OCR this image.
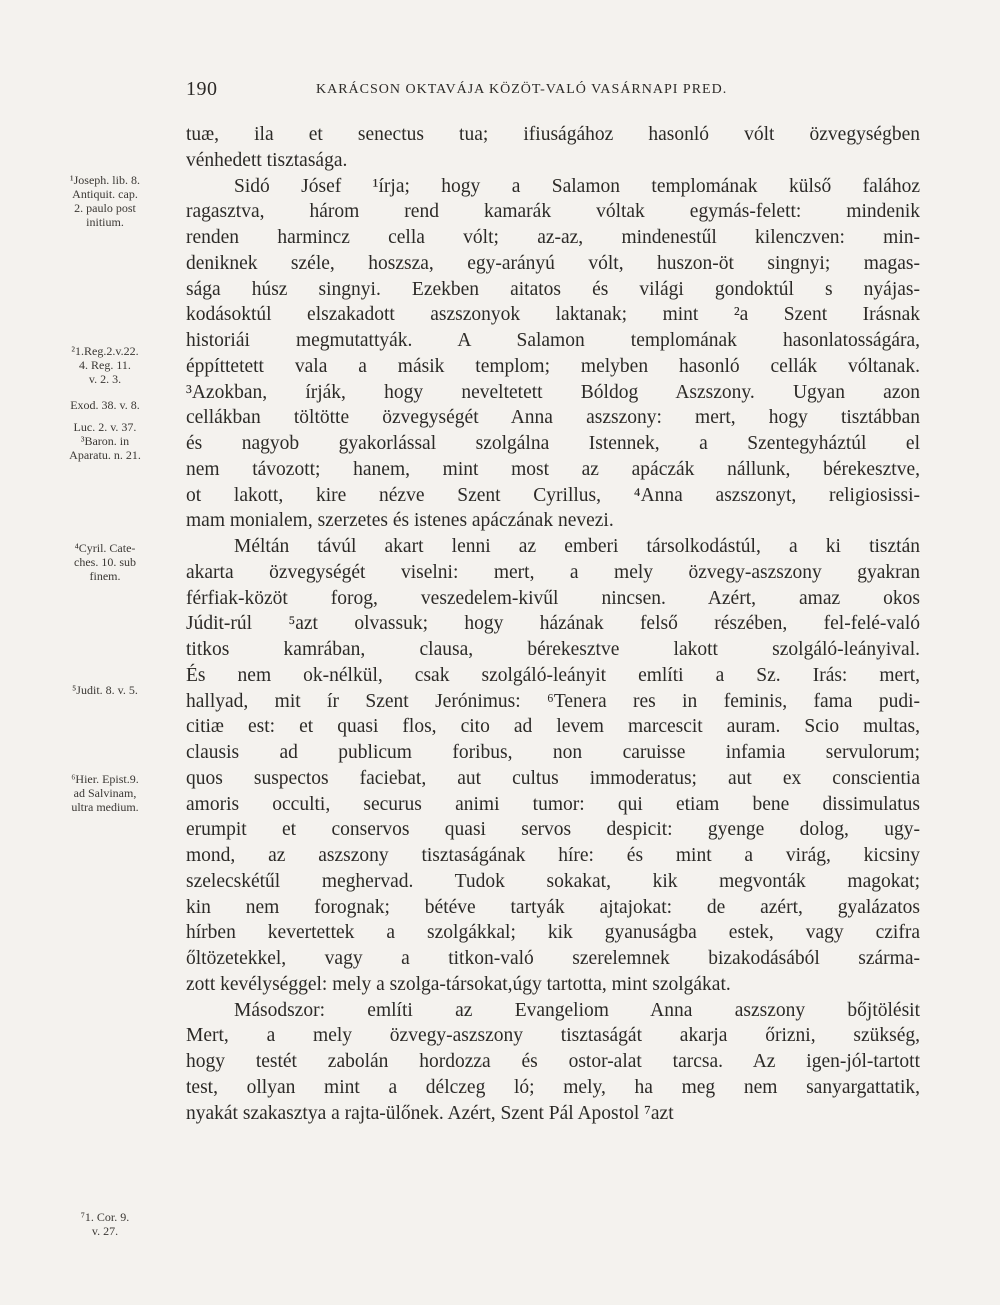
190	KARÁCSON OKTAVÁJA KÖZÖT-VALÓ VASÁRNAPI PRED.
tuæ, ila et senectus tua; ifiuságához hasonló vólt özvegységben
vénhedett tisztasága.
Sidó Jósef ¹írja; hogy a Salamon templomának külső falához
ragasztva, három rend kamarák vóltak egymás-felett: mindenik
renden harmincz cella vólt; az-az, mindenestűl kilenczven: min-
deniknek széle, hoszsza, egy-arányú vólt, huszon-öt singnyi; magas-
sága húsz singnyi. Ezekben aitatos és világi gondoktúl s nyájas-
kodásoktúl elszakadott aszszonyok laktanak; mint ²a Szent Irásnak
historiái megmutattyák. A Salamon templomának hasonlatosságára,
éppíttetett vala a másik templom; melyben hasonló cellák vóltanak.
³Azokban, írják, hogy neveltetett Bóldog Aszszony. Ugyan azon
cellákban töltötte özvegységét Anna aszszony: mert, hogy tisztábban
és nagyob gyakorlással szolgálna Istennek, a Szentegyháztúl el
nem távozott; hanem, mint most az apáczák nállunk, bérekesztve,
ot lakott, kire nézve Szent Cyrillus, ⁴Anna aszszonyt, religiosissi-
mam monialem, szerzetes és istenes apáczának nevezi.
Méltán távúl akart lenni az emberi társolkodástúl, a ki tisztán
akarta özvegységét viselni: mert, a mely özvegy-aszszony gyakran
férfiak-közöt forog, veszedelem-kivűl nincsen. Azért, amaz okos
Júdit-rúl ⁵azt olvassuk; hogy házának felső részében, fel-felé-való
titkos kamrában, clausa, bérekesztve lakott szolgáló-leányival.
És nem ok-nélkül, csak szolgáló-leányit említi a Sz. Irás: mert,
hallyad, mit ír Szent Jerónimus: ⁶Tenera res in feminis, fama pudi-
citiæ est: et quasi flos, cito ad levem marcescit auram. Scio multas,
clausis ad publicum foribus, non caruisse infamia servulorum;
quos suspectos faciebat, aut cultus immoderatus; aut ex conscientia
amoris occulti, securus animi tumor: qui etiam bene dissimulatus
erumpit et conservos quasi servos despicit: gyenge dolog, ugy-
mond, az aszszony tisztaságának híre: és mint a virág, kicsiny
szelecskétűl meghervad. Tudok sokakat, kik megvonták magokat;
kin nem forognak; bétéve tartyák ajtajokat: de azért, gyalázatos
hírben kevertettek a szolgákkal; kik gyanuságba estek, vagy czifra
őltözetekkel, vagy a titkon-való szerelemnek bizakodásából szárma-
zott kevélységgel: mely a szolga-társokat,úgy tartotta, mint szolgákat.
Másodszor: említi az Evangeliom Anna aszszony bőjtölésit
Mert, a mely özvegy-aszszony tisztaságát akarja őrizni, szükség,
hogy testét zabolán hordozza és ostor-alat tarcsa. Az igen-jól-tartott
test, ollyan mint a délczeg ló; mely, ha meg nem sanyargattatik,
nyakát szakasztya a rajta-ülőnek. Azért, Szent Pál Apostol ⁷azt
¹Joseph. lib. 8.
Antiquit. cap.
2. paulo post
initium.
²1.Reg.2.v.22.
4. Reg. 11.
v. 2. 3.
Exod. 38. v. 8.
Luc. 2. v. 37.
³Baron. in
Aparatu. n. 21.
⁴Cyril. Cate-
ches. 10. sub
finem.
⁵Judit. 8. v. 5.
⁶Hier. Epist.9.
ad Salvinam,
ultra medium.
⁷1. Cor. 9.
v. 27.
